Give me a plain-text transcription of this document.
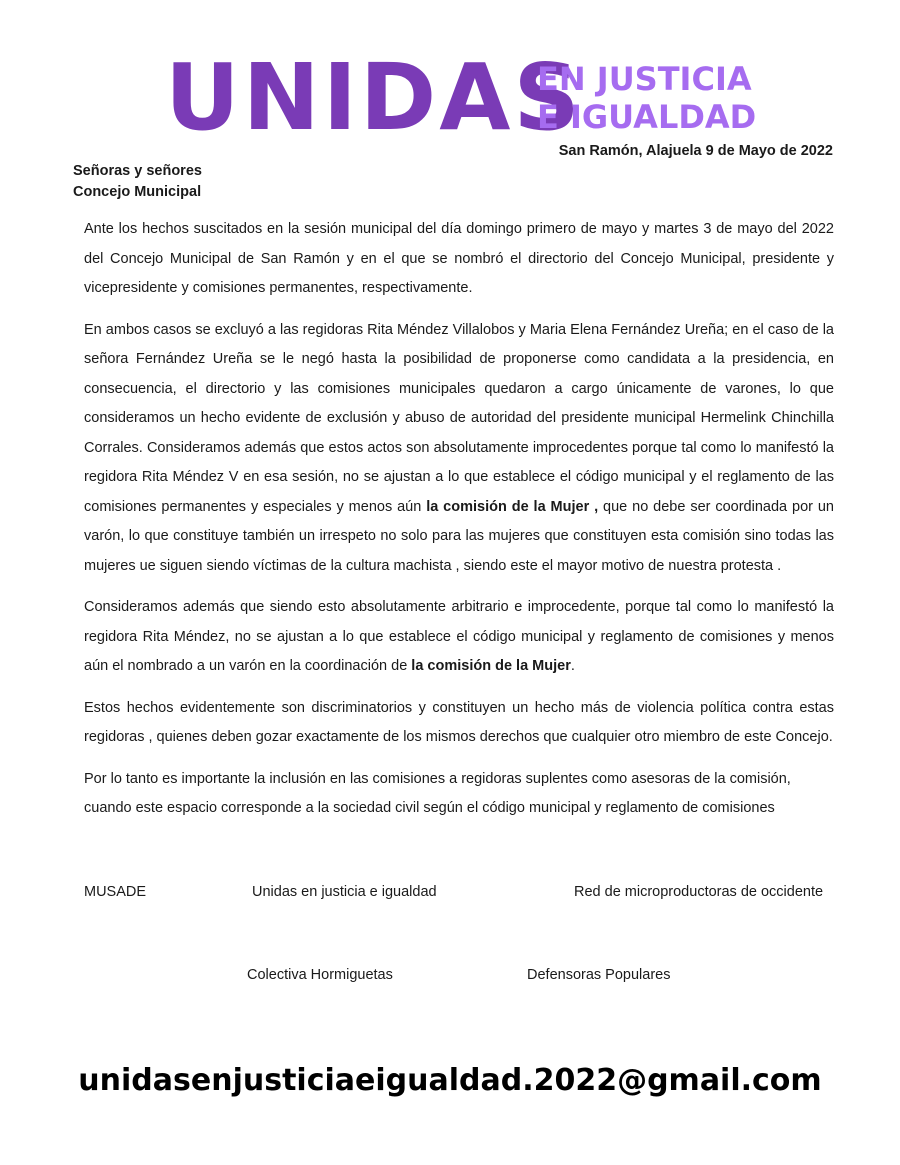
UNIDAS
EN JUSTICIA
E IGUALDAD
San Ramón, Alajuela 9 de Mayo de 2022
Señoras y señores
Concejo Municipal

Ante los hechos suscitados en la sesión municipal del día domingo primero de mayo y martes 3 de mayo del 2022 del Concejo Municipal de San Ramón y en el que se nombró el directorio del Concejo Municipal, presidente y vicepresidente y comisiones permanentes, respectivamente.

En ambos casos se excluyó a las regidoras Rita Méndez Villalobos y Maria Elena Fernández Ureña; en el caso de la señora Fernández Ureña se le negó hasta la posibilidad de proponerse como candidata a la presidencia, en consecuencia, el directorio y las comisiones municipales quedaron a cargo únicamente de varones, lo que consideramos un hecho evidente de exclusión y abuso de autoridad del presidente municipal Hermelink Chinchilla Corrales. Consideramos además que estos actos son absolutamente improcedentes porque tal como lo manifestó la regidora Rita Méndez V en esa sesión, no se ajustan a lo que establece el código municipal y el reglamento de las comisiones permanentes y especiales y menos aún la comisión de la Mujer , que no debe ser coordinada por un varón, lo que constituye también un irrespeto no solo para las mujeres que constituyen esta comisión sino todas las mujeres ue siguen siendo víctimas de la cultura machista , siendo este el mayor motivo de nuestra protesta .

Consideramos además que siendo esto absolutamente arbitrario e improcedente, porque tal como lo manifestó la regidora Rita Méndez, no se ajustan a lo que establece el código municipal y reglamento de comisiones y menos aún el nombrado a un varón en la coordinación de la comisión de la Mujer.

Estos hechos evidentemente son discriminatorios y constituyen un hecho más de violencia política contra estas regidoras , quienes deben gozar exactamente de los mismos derechos que cualquier otro miembro de este Concejo.

Por lo tanto es importante la inclusión en las comisiones a regidoras suplentes como asesoras de la comisión, cuando este espacio corresponde a la sociedad civil según el código municipal y reglamento de comisiones

MUSADE	Unidas en justicia e igualdad	Red de microproductoras de occidente
Colectiva Hormiguetas	Defensoras Populares
unidasenjusticiaeigualdad.2022@gmail.com
